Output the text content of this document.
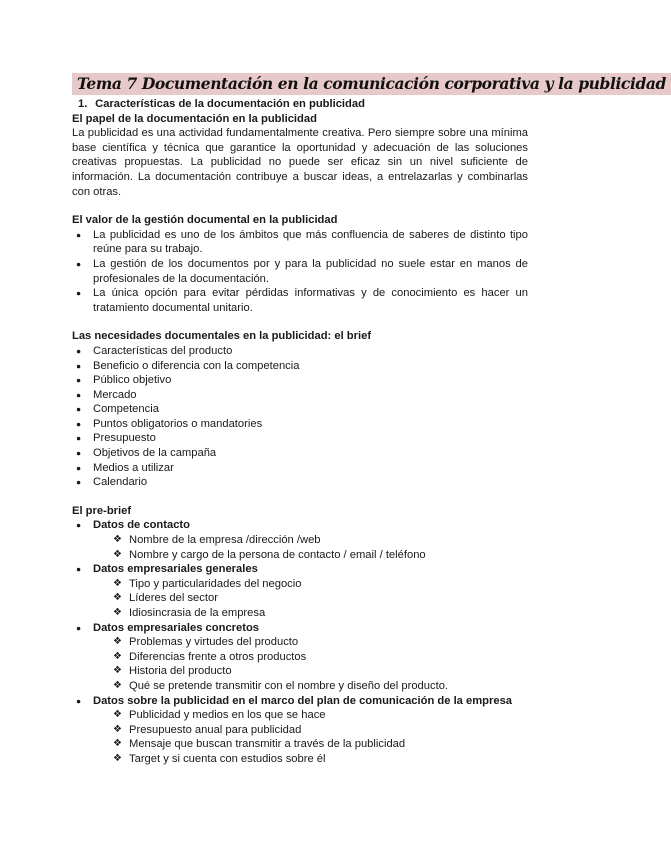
Tema 7 Documentación en la comunicación corporativa y la publicidad
1. Características de la documentación en publicidad
El papel de la documentación en la publicidad

La publicidad es una actividad fundamentalmente creativa. Pero siempre sobre una mínima base científica y técnica que garantice la oportunidad y adecuación de las soluciones creativas propuestas. La publicidad no puede ser eficaz sin un nivel suficiente de información. La documentación contribuye a buscar ideas, a entrelazarlas y combinarlas con otras.

El valor de la gestión documental en la publicidad
● La publicidad es uno de los ámbitos que más confluencia de saberes de distinto tipo reúne para su trabajo.
● La gestión de los documentos por y para la publicidad no suele estar en manos de profesionales de la documentación.
● La única opción para evitar pérdidas informativas y de conocimiento es hacer un tratamiento documental unitario.
Las necesidades documentales en la publicidad: el brief
● Características del producto
● Beneficio o diferencia con la competencia
● Público objetivo
● Mercado
● Competencia
● Puntos obligatorios o mandatories
● Presupuesto
● Objetivos de la campaña
● Medios a utilizar
● Calendario
El pre-brief
● Datos de contacto
❖ Nombre de la empresa /dirección /web
❖ Nombre y cargo de la persona de contacto / email / teléfono
● Datos empresariales generales
❖ Tipo y particularidades del negocio
❖ Líderes del sector
❖ Idiosincrasia de la empresa
● Datos empresariales concretos
❖ Problemas y virtudes del producto
❖ Diferencias frente a otros productos
❖ Historia del producto
❖ Qué se pretende transmitir con el nombre y diseño del producto.
● Datos sobre la publicidad en el marco del plan de comunicación de la empresa
❖ Publicidad y medios en los que se hace
❖ Presupuesto anual para publicidad
❖ Mensaje que buscan transmitir a través de la publicidad
❖ Target y si cuenta con estudios sobre él
